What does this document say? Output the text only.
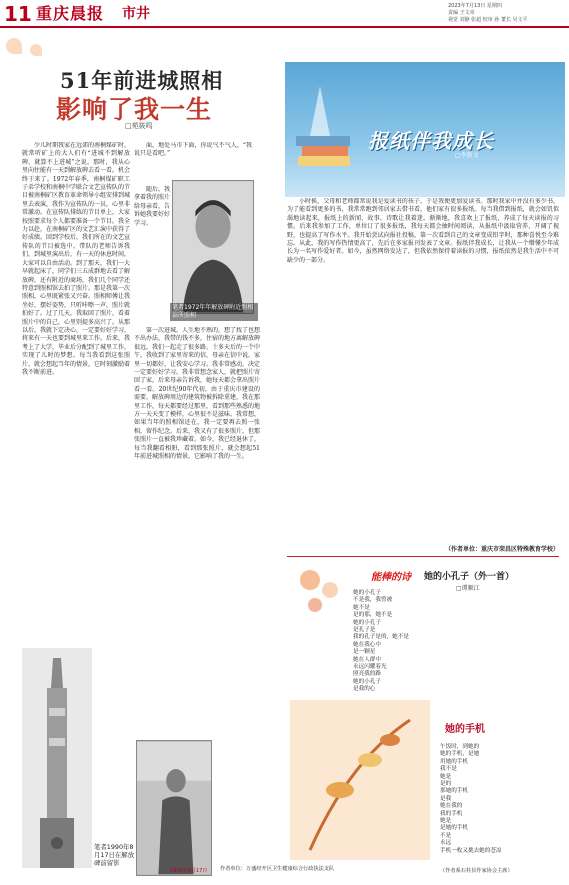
11 重庆晨报 市井	2023年7月13日 星期四
责编 王文章
视觉 刘静 张超 校审 孙 董长 吴文平
51年前进城照相
影响了我一生
□苑筱鸣
少儿时期我家在远郊的南桐煤矿时，就常听矿上的大人们有“进城不到解放碑，就算不上进城”之说。那时，我从心里向往能有一天到解放碑去看一看。机会终于来了。1972年春季，南桐煤矿职工子弟学校和南桐中学联合文艺宣传队的节目被南桐矿区教育革命领导小组安排到城里去表演，我作为宣传队的一员，心里非常激动。在宣传队排练的节目单上，大家按照要求每个人都要准备一个节目。我全力以赴，在南桐矿区的文艺汇演中获得了好成绩。回到学校后，我们所在的文艺宣传队的节目被选中。带队的老师告诉我们，到城里演出后，有一天的休息时间，大家可以自由活动。到了那天，我们一大早就起床了，同学们三五成群地去看了解放碑，还有附近的商场，我们几个同学还特意到照相馆去拍了照片。那是我第一次照相，心里既紧张又兴奋。照相师傅让我坐好，摆好姿势，只听咔嚓一声，照片就拍好了。过了几天，我取回了照片，看着照片中的自己，心里别提多高兴了。从那以后，我就下定决心，一定要好好学习，将来有一天也要到城里来工作。后来，我考上了大学，毕业后分配到了城里工作，实现了儿时的梦想。每当我看到这张照片，就会想起当年的情景，它时刻激励着我不断前进。
笔者1990年8月17日在解放碑前留影
面，地处马市下面，你说气不气人，“我说只是看吧。”
笔者1972年年解放碑附近照相馆所照相
随后，我拿着我的照片给母亲看，告诉她我要好好学习。
第一次进城，人生地不熟的，想了找了也想不出办法，我带的钱不多，住宿的地方离解放碑很远，我们一起走了很多路。十多天后的一个中午，我收到了家里寄来的信，母亲在信中说，家里一切都好，让我安心学习。我非常感动，决定一定要好好学习。我非常想念家人，就把照片寄回了家，后来母亲告诉我，她每天都会拿出照片看一看。20世纪90年代初，由于重庆市建设的需要，解放碑周边的建筑物被拆除重建，我在那里工作，每天都要经过那里，看到那些熟悉的地方一天天变了模样，心里很不是滋味。我常想，如果当年的照相馆还在，我一定要再去照一张相，留作纪念。后来，我又有了很多照片，但那张照片一直被我珍藏着。如今，我已经退休了，每当我翻看相册，看到那张照片，就会想起51年前进城照相的情景，它影响了我的一生。
1990年8月17日 作者单位：万盛经开区卫生健康综合行政执法支队
报纸伴我成长
□李新文
小时候，父母和老师都常说我是爱读书的孩子，于是我便更加爱读书。那时我家中并没有多少书，为了能看到更多的书，我常常跑到邻居家去借书看，他们家有很多报纸。每当我借到报纸，就会如饥似渴地读起来，报纸上的新闻、故事、诗歌让我着迷。渐渐地，我喜欢上了报纸，养成了每天读报的习惯。后来我参加了工作，单位订了很多报纸，我每天都会抽时间阅读，从报纸中汲取营养，开阔了视野，也提高了写作水平。我开始尝试向报社投稿，第一次看到自己的文章变成铅字时，那种喜悦至今难忘。从此，我的写作热情更高了，先后在多家报刊发表了文章。报纸伴我成长，让我从一个懵懂少年成长为一名写作爱好者。如今，虽然网络发达了，但我依然保持着读报的习惯，报纸依然是我生活中不可缺少的一部分。
（作者单位：重庆市荣昌区特殊教育学校）
能棒的诗 她的小孔子（外一首）
□谭顺江
她的小孔子
不是我，我曾被
她不是
是的那，她不是
她的小孔子
是孔子是
我的孔子是的，她不是
她在我心中
是一颗星
她在人群中
永远闪耀着光
照亮我的路
她的小孔子
是我的心
她的手机
午饭时，到她的
她的手机，是她
用她的手机
我不是
她是
是的
那她的手机
是我
她在我的
我的手机
她是
是她的手机
不是
永远
手机一枚又挑去她的苍凉
（作者系石柱县作家协会主席）
